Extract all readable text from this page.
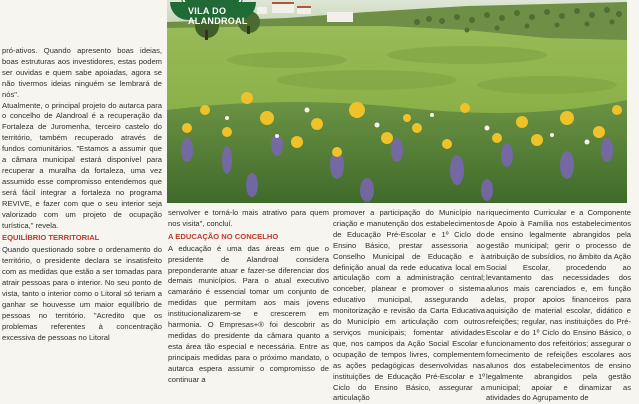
VILA DO ALANDROAL

pró-ativos. Quando apresento boas ideias, boas estruturas aos investidores, estas podem ser ouvidas e quem sabe apoiadas, agora se não tivermos ideias ninguém se lembrará de nós".

Atualmente, o principal projeto do autarca para o concelho de Alandroal é a recuperação da Fortaleza de Juromenha, terceiro castelo do território, também recuperado através de fundos comunitários. "Estamos a assumir que a câmara municipal estará disponível para recuperar a muralha da fortaleza, uma vez assumido esse compromisso entendemos que será fácil integrar a fortaleza no programa REVIVE, e fazer com que o seu interior seja valorizado com um projeto de ocupação turística," revela.

EQUILÍBRIO TERRITORIAL

Quando questionado sobre o ordenamento do território, o presidente declara se insatisfeito com as medidas que estão a ser tomadas para atrair pessoas para o interior. No seu ponto de vista, tanto o interior como o Litoral só teriam a ganhar se houvesse um maior equilíbrio de pessoas no território. "Acredito que os problemas referentes à concentração excessiva de pessoas no Litoral

senvolver e torná-lo mais atrativo para quem nos visita", concluí.

A EDUCAÇÃO NO CONCELHO

A educação é uma das áreas em que o presidente de Alandroal considera preponderante atuar e fazer-se diferenciar dos demais municípios. Para o atual executivo camarário é essencial tomar um conjunto de medidas que permitam aos mais jovens institucionalizarem-se e crescerem em harmonia. O Empresas+® foi descobrir as medidas do presidente da câmara quanto a esta área tão especial e necessária. Entre as principais medidas para o próximo mandato, o autarca espera assumir o compromisso de continuar a

promover a participação do Município na criação e manutenção dos estabelecimentos de Educação Pré-Escolar e 1º Ciclo do Ensino Básico, prestar assessoria ao Conselho Municipal de Educação e à definição anual da rede educativa local em articulação com a administração central; conceber, planear e promover o sistema educativo municipal, assegurando a monitorização e revisão da Carta Educativa do Município em articulação com outros serviços municipais; fomentar atividades que, nos campos da Ação Social Escolar e ocupação de tempos livres, complementem as ações pedagógicas desenvolvidas nas instituições de Educação Pré-Escolar e 1º Ciclo do Ensino Básico, assegurar a articulação

riquecimento Curricular e a Componente de Apoio à Família nos estabelecimentos de ensino legalmente abrangidos pela gestão municipal; gerir o processo de atribuição de subsídios, no âmbito da Ação Social Escolar, procedendo ao levantamento das necessidades dos alunos mais carenciados e, em função delas, propor apoios financeiros para aquisição de material escolar, didático e refeições; regular, nas instituições do Pré-Escolar e do 1º Ciclo do Ensino Básico, o funcionamento dos refeitórios; assegurar o fornecimento de refeições escolares aos alunos dos estabelecimentos de ensino legalmente abrangidos pela gestão municipal; apoiar e dinamizar as atividades do Agrupamento de
